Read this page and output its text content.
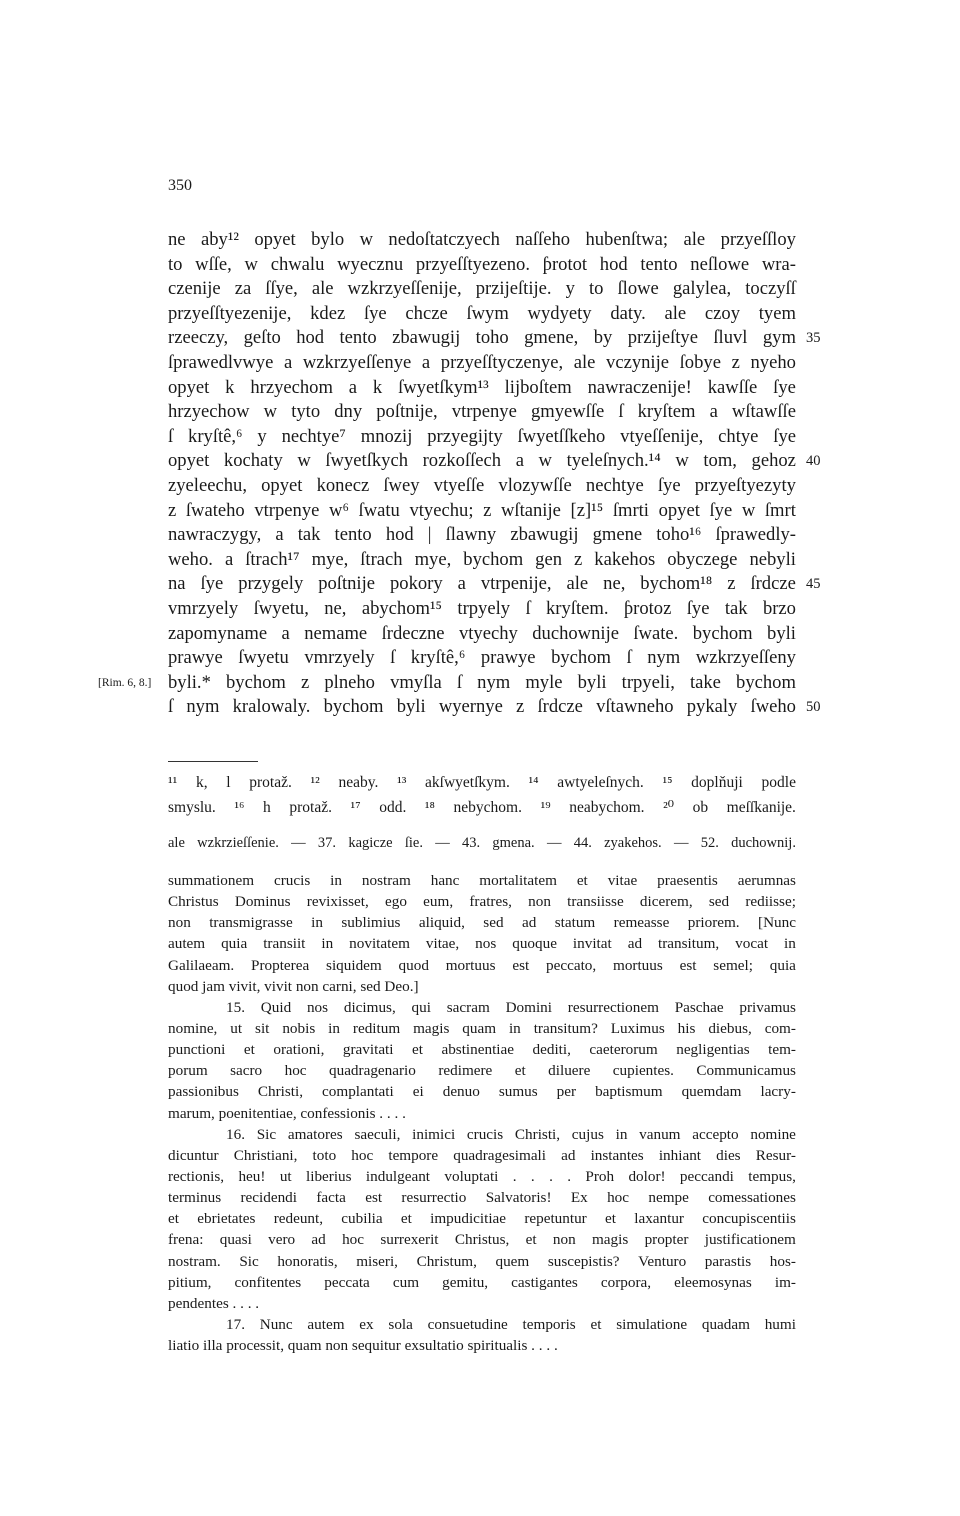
350
ne aby¹² opyet bylo w nedoſtatczyech naſſeho hubenſtwa; ale przyeſſloy
to wſſe, w chwalu wyecznu przyeſſtyezeno. ƥrotot hod tento neſlowe wra-
czenije za ſſye, ale wzkrzyeſſenije, przijeſtije. y to ſlowe galylea, toczyſſ
przyeſſtyezenije, kdez ſye chcze ſwym wydyety daty. ale czoy tyem
rzeeczy, geſto hod tento zbawugij toho gmene, by przijeſtye ſluvl gym 35
ſprawedlvwye a wzkrzyeſſenye a przyeſſtyczenye, ale vczynije ſobye z nyeho
opyet k hrzyechom a k ſwyetſkym¹³ lijboſtem nawraczenije! kawſſe ſye
hrzyechow w tyto dny poſtnije, vtrpenye gmyewſſe ſ kryſtem a wſtawſſe
ſ kryſtê,⁶ y nechtye⁷ mnozij przyegijty ſwyetſſkeho vtyeſſenije, chtye ſye
opyet kochaty w ſwyetſkych rozkoſſech a w tyeleſnych.¹⁴ w tom, gehoz 40
zyeleechu, opyet konecz ſwey vtyeſſe vlozywſſe nechtye ſye przyeſtyezyty
z ſwateho vtrpenye w⁶ ſwatu vtyechu; z wſtanije [z]¹⁵ ſmrti opyet ſye w ſmrt
nawraczygy, a tak tento hod | ſlawny zbawugij gmene toho¹⁶ ſprawedly-
weho. a ſtrach¹⁷ mye, ſtrach mye, bychom gen z kakehos obyczege nebyli
na ſye przygely poſtnije pokory a vtrpenije, ale ne, bychom¹⁸ z ſrdcze 45
vmrzyely ſwyetu, ne, abychom¹⁵ trpyely ſ kryſtem. ƥrotoz ſye tak brzo
zapomyname a nemame ſrdeczne vtyechy duchownije ſwate. bychom byli
prawye ſwyetu vmrzyely ſ kryſtê,⁶ prawye bychom ſ nym wzkrzyeſſeny
byli.* bychom z plneho vmyſla ſ nym myle byli trpyeli, take bychom
[Rim. 6, 8.]
ſ nym kralowaly. bychom byli wyernye z ſrdcze vſtawneho pykaly ſweho 50
¹¹ k, l protaž. ¹² neaby. ¹³ akſwyetſkym. ¹⁴ awtyeleſnych. ¹⁵ doplňuji podle
smyslu. ¹⁶ h protaž. ¹⁷ odd. ¹⁸ nebychom. ¹⁹ neabychom. ²⁰ ob meſſkanije.
ale wzkrzieſſenie. — 37. kagicze ſie. — 43. gmena. — 44. zyakehos. — 52. duchownij.
summationem crucis in nostram hanc mortalitatem et vitae praesentis aerumnas
Christus Dominus revixisset, ego eum, fratres, non transiisse dicerem, sed rediisse;
non transmigrasse in sublimius aliquid, sed ad statum remeasse priorem. [Nunc
autem quia transiit in novitatem vitae, nos quoque invitat ad transitum, vocat in
Galilaeam. Propterea siquidem quod mortuus est peccato, mortuus est semel; quia
quod jam vivit, vivit non carni, sed Deo.]
15. Quid nos dicimus, qui sacram Domini resurrectionem Paschae privamus
nomine, ut sit nobis in reditum magis quam in transitum? Luximus his diebus, com-
punctioni et orationi, gravitati et abstinentiae dediti, caeterorum negligentias tem-
porum sacro hoc quadragenario redimere et diluere cupientes. Communicamus
passionibus Christi, complantati ei denuo sumus per baptismum quemdam lacry-
marum, poenitentiae, confessionis . . . .
16. Sic amatores saeculi, inimici crucis Christi, cujus in vanum accepto nomine
dicuntur Christiani, toto hoc tempore quadragesimali ad instantes inhiant dies Resur-
rectionis, heu! ut liberius indulgeant voluptati . . . . Proh dolor! peccandi tempus,
terminus recidendi facta est resurrectio Salvatoris! Ex hoc nempe comessationes
et ebrietates redeunt, cubilia et impudicitiae repetuntur et laxantur concupiscentiis
frena: quasi vero ad hoc surrexerit Christus, et non magis propter justificationem
nostram. Sic honoratis, miseri, Christum, quem suscepistis? Venturo parastis hos-
pitium, confitentes peccata cum gemitu, castigantes corpora, eleemosynas im-
pendentes . . . .
17. Nunc autem ex sola consuetudine temporis et simulatione quadam humi
liatio illa processit, quam non sequitur exsultatio spiritualis . . . .
